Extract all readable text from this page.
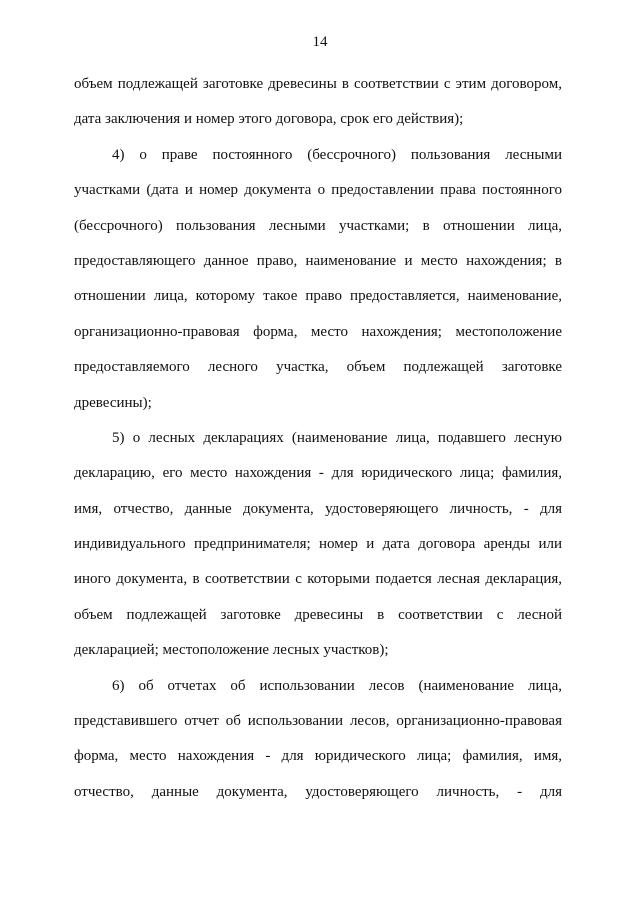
14
объем подлежащей заготовке древесины в соответствии с этим договором,
дата заключения и номер этого договора, срок его действия);
4) о праве постоянного (бессрочного) пользования лесными
участками (дата и номер документа о предоставлении права постоянного
(бессрочного) пользования лесными участками; в отношении лица,
предоставляющего данное право, наименование и место нахождения; в
отношении лица, которому такое право предоставляется, наименование,
организационно-правовая форма, место нахождения; местоположение
предоставляемого лесного участка, объем подлежащей заготовке
древесины);
5) о лесных декларациях (наименование лица, подавшего лесную
декларацию, его место нахождения - для юридического лица; фамилия,
имя, отчество, данные документа, удостоверяющего личность, - для
индивидуального предпринимателя; номер и дата договора аренды или
иного документа, в соответствии с которыми подается лесная декларация,
объем подлежащей заготовке древесины в соответствии с лесной
декларацией; местоположение лесных участков);
6) об отчетах об использовании лесов (наименование лица,
представившего отчет об использовании лесов, организационно-правовая
форма, место нахождения - для юридического лица; фамилия, имя,
отчество, данные документа, удостоверяющего личность, - для
